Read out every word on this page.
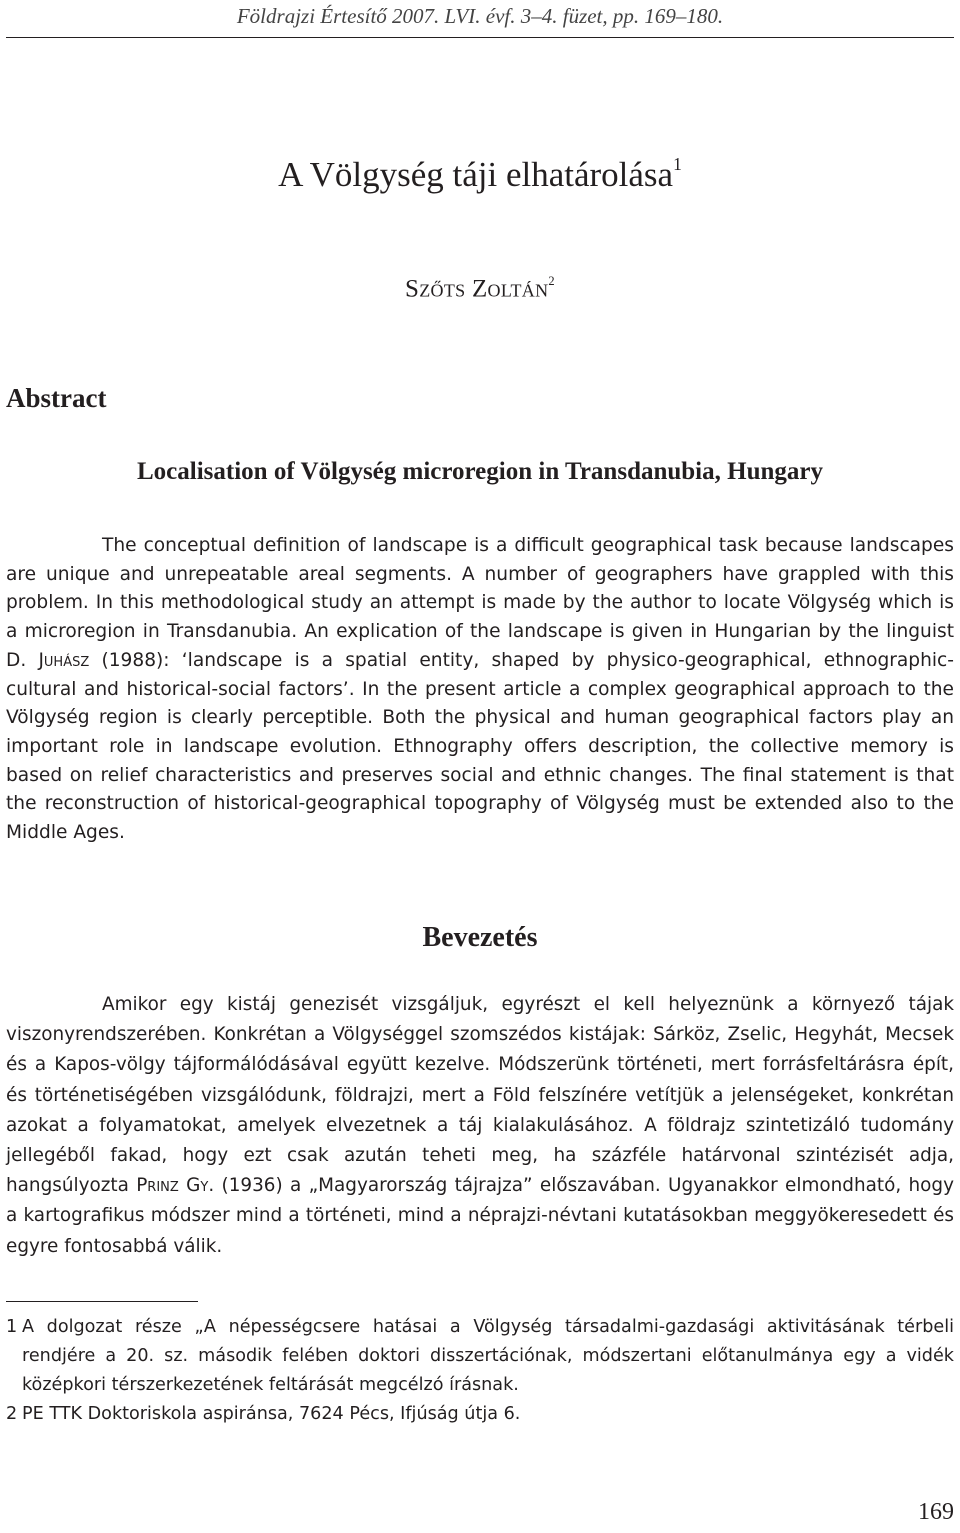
Földrajzi Értesítő 2007. LVI. évf. 3–4. füzet, pp. 169–180.
A Völgység táji elhatárolása$^1$
Szőts Zoltán$^2$
Abstract
Localisation of Völgység microregion in Transdanubia, Hungary
The conceptual definition of landscape is a difficult geographical task because landscapes are unique and unrepeatable areal segments. A number of geographers have grappled with this problem. In this methodological study an attempt is made by the author to locate Völgység which is a microregion in Transdanubia. An explication of the landscape is given in Hungarian by the linguist D. Juhász (1988): ‘landscape is a spatial entity, shaped by physico-geographical, ethnographic-cultural and historical-social factors’. In the present article a complex geographical approach to the Völgység region is clearly perceptible. Both the physical and human geographical factors play an important role in landscape evolution. Ethnography offers description, the collective memory is based on relief characteristics and preserves social and ethnic changes. The final statement is that the reconstruction of historical-geographical topography of Völgység must be extended also to the Middle Ages.
Bevezetés
Amikor egy kistáj genezisét vizsgáljuk, egyrészt el kell helyeznünk a környező tájak viszonyrendszerében. Konkrétan a Völgységgel szomszédos kistájak: Sárköz, Zselic, Hegyhát, Mecsek és a Kapos-völgy tájformálódásával együtt kezelve. Módszerünk történeti, mert forrásfeltárásra épít, és történetiségében vizsgálódunk, földrajzi, mert a Föld felszínére vetítjük a jelenségeket, konkrétan azokat a folyamatokat, amelyek elvezetnek a táj kialakulásához. A földrajz szintetizáló tudomány jellegéből fakad, hogy ezt csak azután teheti meg, ha százféle határvonal szintézisét adja, hangsúlyozta Prinz Gy. (1936) a „Magyarország tájrajza” előszavában. Ugyanakkor elmondható, hogy a kartografikus módszer mind a történeti, mind a néprajzi-névtani kutatásokban meggyökeresedett és egyre fontosabbá válik.
1 A dolgozat része „A népességcsere hatásai a Völgység társadalmi-gazdasági aktivitásának térbeli rendjére a 20. sz. második felében doktori disszertációnak, módszertani előtanulmánya egy a vidék középkori térszerkezetének feltárását megcélzó írásnak.
2 PE TTK Doktoriskola aspiránsa, 7624 Pécs, Ifjúság útja 6.
169
